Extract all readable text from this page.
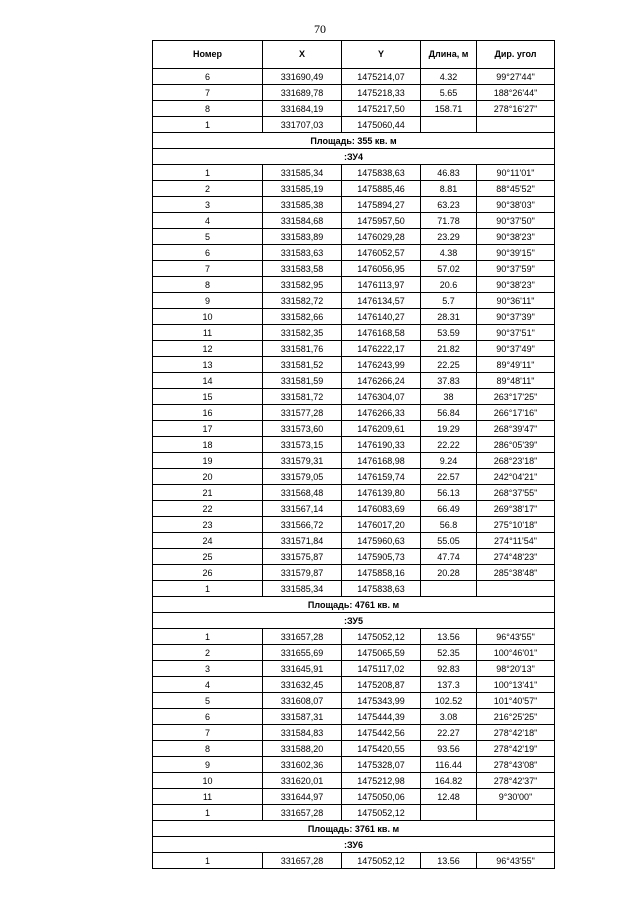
70
Номер	X	Y	Длина, м	Дир. угол
6	331690,49	1475214,07	4.32	99°27'44"
7	331689,78	1475218,33	5.65	188°26'44"
8	331684,19	1475217,50	158.71	278°16'27"
1	331707,03	1475060,44		
Площадь: 355 кв. м				
:ЗУ4				
1	331585,34	1475838,63	46.83	90°11'01"
2	331585,19	1475885,46	8.81	88°45'52"
3	331585,38	1475894,27	63.23	90°38'03"
4	331584,68	1475957,50	71.78	90°37'50"
5	331583,89	1476029,28	23.29	90°38'23"
6	331583,63	1476052,57	4.38	90°39'15"
7	331583,58	1476056,95	57.02	90°37'59"
8	331582,95	1476113,97	20.6	90°38'23"
9	331582,72	1476134,57	5.7	90°36'11"
10	331582,66	1476140,27	28.31	90°37'39"
11	331582,35	1476168,58	53.59	90°37'51"
12	331581,76	1476222,17	21.82	90°37'49"
13	331581,52	1476243,99	22.25	89°49'11"
14	331581,59	1476266,24	37.83	89°48'11"
15	331581,72	1476304,07	38	263°17'25"
16	331577,28	1476266,33	56.84	266°17'16"
17	331573,60	1476209,61	19.29	268°39'47"
18	331573,15	1476190,33	22.22	286°05'39"
19	331579,31	1476168,98	9.24	268°23'18"
20	331579,05	1476159,74	22.57	242°04'21"
21	331568,48	1476139,80	56.13	268°37'55"
22	331567,14	1476083,69	66.49	269°38'17"
23	331566,72	1476017,20	56.8	275°10'18"
24	331571,84	1475960,63	55.05	274°11'54"
25	331575,87	1475905,73	47.74	274°48'23"
26	331579,87	1475858,16	20.28	285°38'48"
1	331585,34	1475838,63		
Площадь: 4761 кв. м				
:ЗУ5				
1	331657,28	1475052,12	13.56	96°43'55"
2	331655,69	1475065,59	52.35	100°46'01"
3	331645,91	1475117,02	92.83	98°20'13"
4	331632,45	1475208,87	137.3	100°13'41"
5	331608,07	1475343,99	102.52	101°40'57"
6	331587,31	1475444,39	3.08	216°25'25"
7	331584,83	1475442,56	22.27	278°42'18"
8	331588,20	1475420,55	93.56	278°42'19"
9	331602,36	1475328,07	116.44	278°43'08"
10	331620,01	1475212,98	164.82	278°42'37"
11	331644,97	1475050,06	12.48	9°30'00"
1	331657,28	1475052,12		
Площадь: 3761 кв. м				
:ЗУ6				
1	331657,28	1475052,12	13.56	96°43'55"
